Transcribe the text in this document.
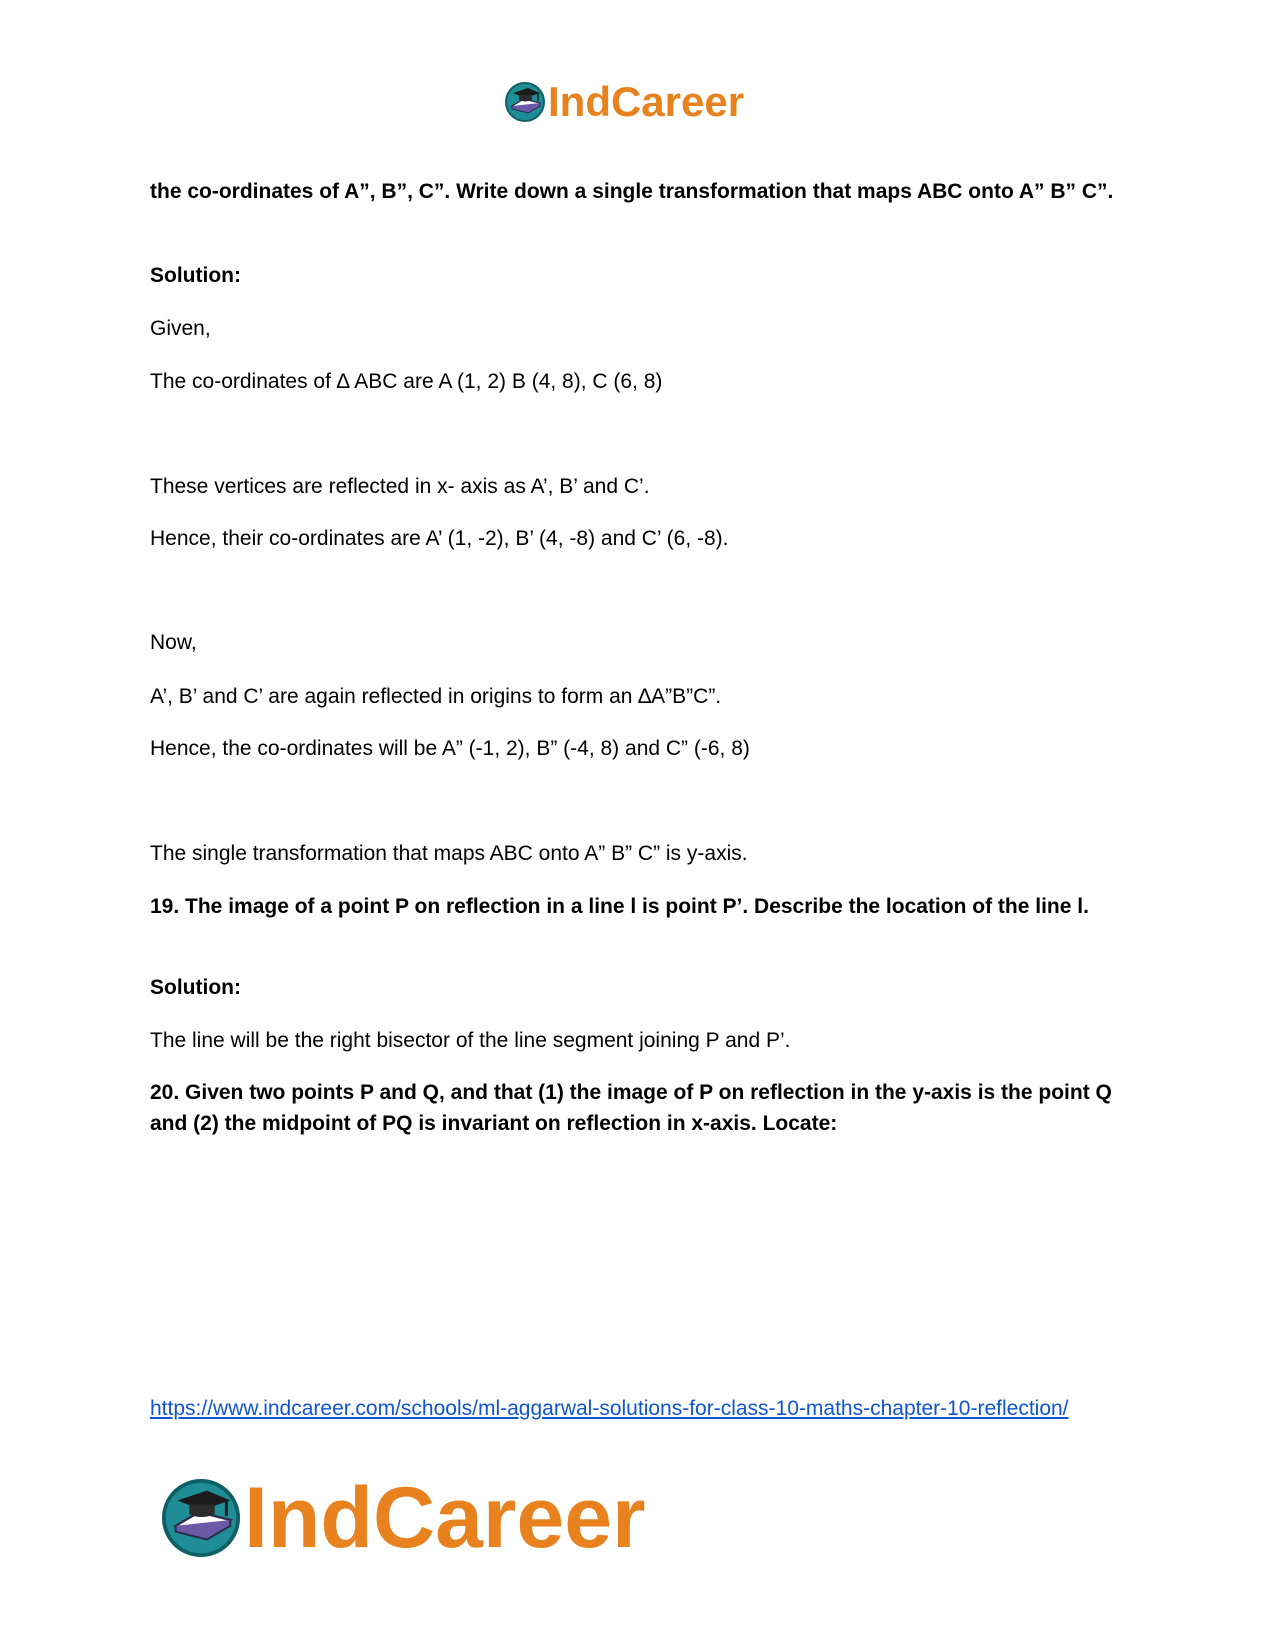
IndCareer

the co-ordinates of A”, B”, C”. Write down a single transformation that maps ABC onto A” B” C”.

Solution:

Given,

The co-ordinates of ∆ ABC are A (1, 2) B (4, 8), C (6, 8)

These vertices are reflected in x- axis as A’, B’ and C’.

Hence, their co-ordinates are A’ (1, -2), B’ (4, -8) and C’ (6, -8).

Now,

A’, B’ and C’ are again reflected in origins to form an ∆A”B”C”.

Hence, the co-ordinates will be A” (-1, 2), B” (-4, 8) and C” (-6, 8)

The single transformation that maps ABC onto A” B” C” is y-axis.

19. The image of a point P on reflection in a line l is point P’. Describe the location of the line l.

Solution:

The line will be the right bisector of the line segment joining P and P’.

20. Given two points P and Q, and that (1) the image of P on reflection in the y-axis is the point Q and (2) the midpoint of PQ is invariant on reflection in x-axis. Locate:

https://www.indcareer.com/schools/ml-aggarwal-solutions-for-class-10-maths-chapter-10-reflection/
IndCareer
